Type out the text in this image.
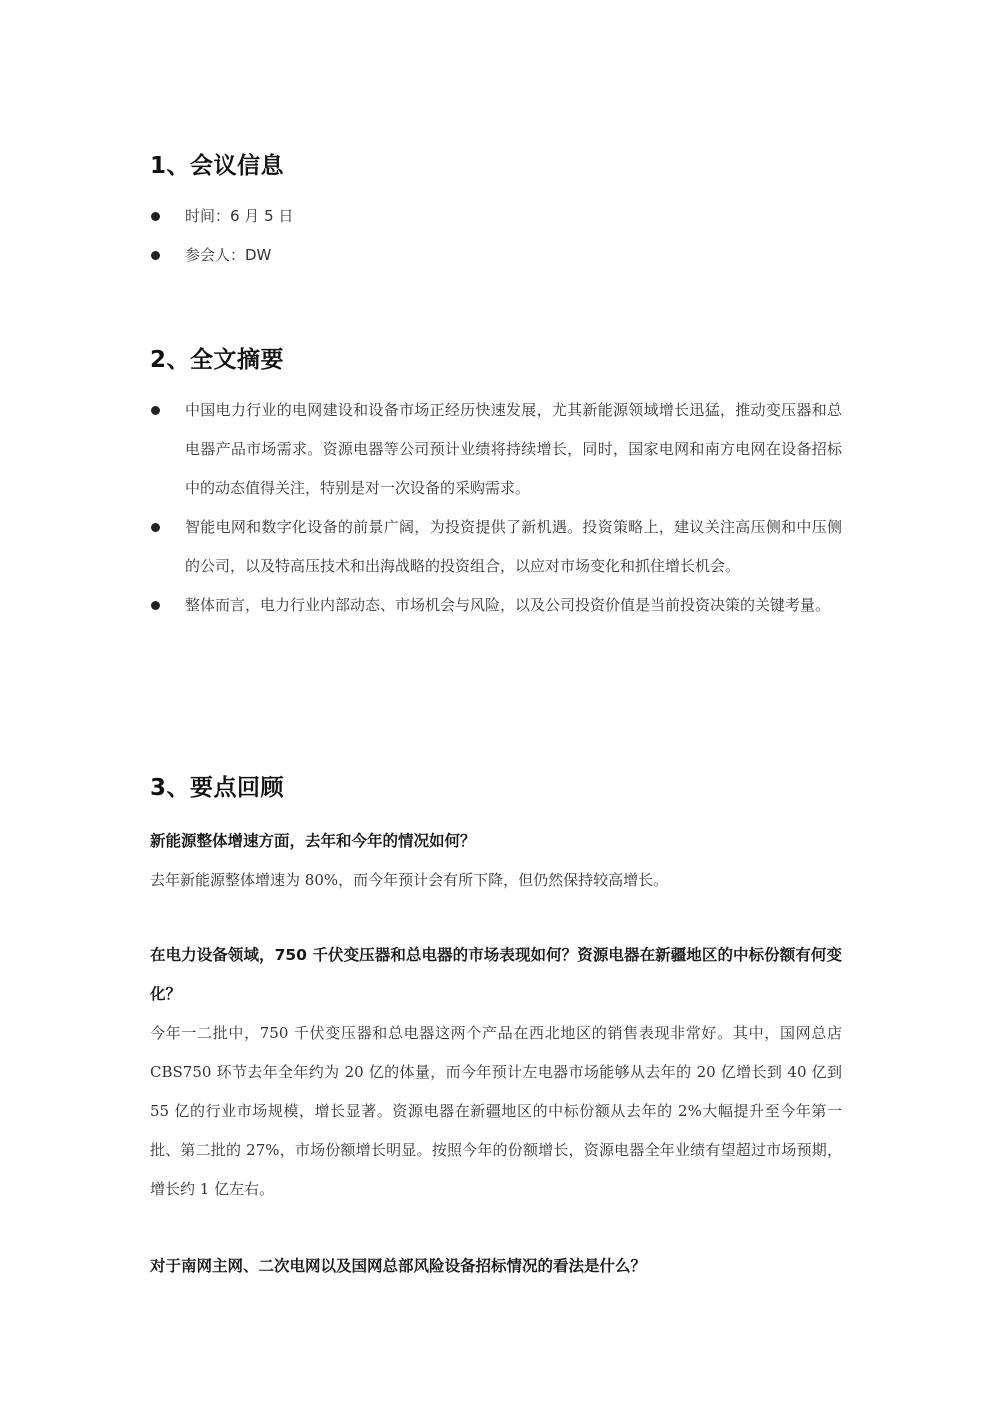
1、会议信息
时间：6 月 5 日
参会人：DW
2、全文摘要
中国电力行业的电网建设和设备市场正经历快速发展，尤其新能源领域增长迅猛，推动变压器和总电器产品市场需求。资源电器等公司预计业绩将持续增长，同时，国家电网和南方电网在设备招标中的动态值得关注，特别是对一次设备的采购需求。
智能电网和数字化设备的前景广阔，为投资提供了新机遇。投资策略上，建议关注高压侧和中压侧的公司，以及特高压技术和出海战略的投资组合，以应对市场变化和抓住增长机会。
整体而言，电力行业内部动态、市场机会与风险，以及公司投资价值是当前投资决策的关键考量。
3、要点回顾

新能源整体增速方面，去年和今年的情况如何？

去年新能源整体增速为 80%，而今年预计会有所下降，但仍然保持较高增长。

在电力设备领域，750 千伏变压器和总电器的市场表现如何？资源电器在新疆地区的中标份额有何变化？

今年一二批中，750 千伏变压器和总电器这两个产品在西北地区的销售表现非常好。其中，国网总店 CBS750 环节去年全年约为 20 亿的体量，而今年预计左电器市场能够从去年的 20 亿增长到 40 亿到 55 亿的行业市场规模，增长显著。资源电器在新疆地区的中标份额从去年的 2%大幅提升至今年第一批、第二批的 27%，市场份额增长明显。按照今年的份额增长，资源电器全年业绩有望超过市场预期，增长约 1 亿左右。

对于南网主网、二次电网以及国网总部风险设备招标情况的看法是什么？
